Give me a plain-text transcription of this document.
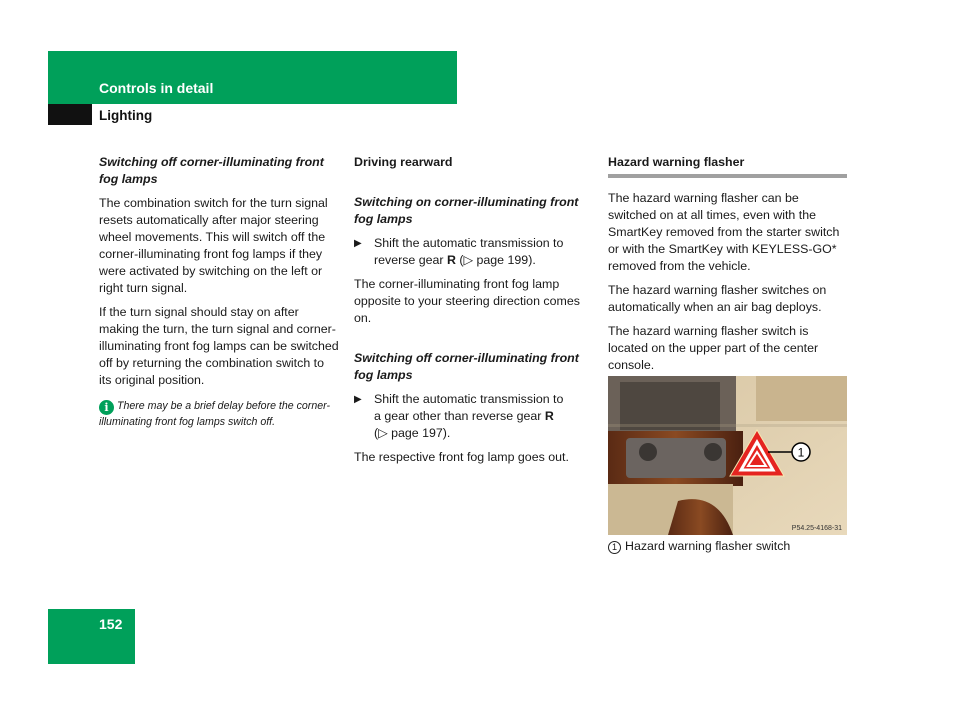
Controls in detail
Lighting

Switching off corner-illuminating front fog lamps

The combination switch for the turn signal resets automatically after major steering wheel movements. This will switch off the corner-illuminating front fog lamps if they were activated by switching on the left or right turn signal.

If the turn signal should stay on after making the turn, the turn signal and corner-illuminating front fog lamps can be switched off by returning the combination switch to its original position.

i There may be a brief delay before the corner-illuminating front fog lamps switch off.

Driving rearward

Switching on corner-illuminating front fog lamps

▶ Shift the automatic transmission to reverse gear R (▷ page 199).

The corner-illuminating front fog lamp opposite to your steering direction comes on.

Switching off corner-illuminating front fog lamps

▶ Shift the automatic transmission to a gear other than reverse gear R (▷ page 197).

The respective front fog lamp goes out.

Hazard warning flasher

The hazard warning flasher can be switched on at all times, even with the SmartKey removed from the starter switch or with the SmartKey with KEYLESS-GO* removed from the vehicle.

The hazard warning flasher switches on automatically when an air bag deploys.

The hazard warning flasher switch is located on the upper part of the center console.

1
P54.25-4168-31
1 Hazard warning flasher switch
152
